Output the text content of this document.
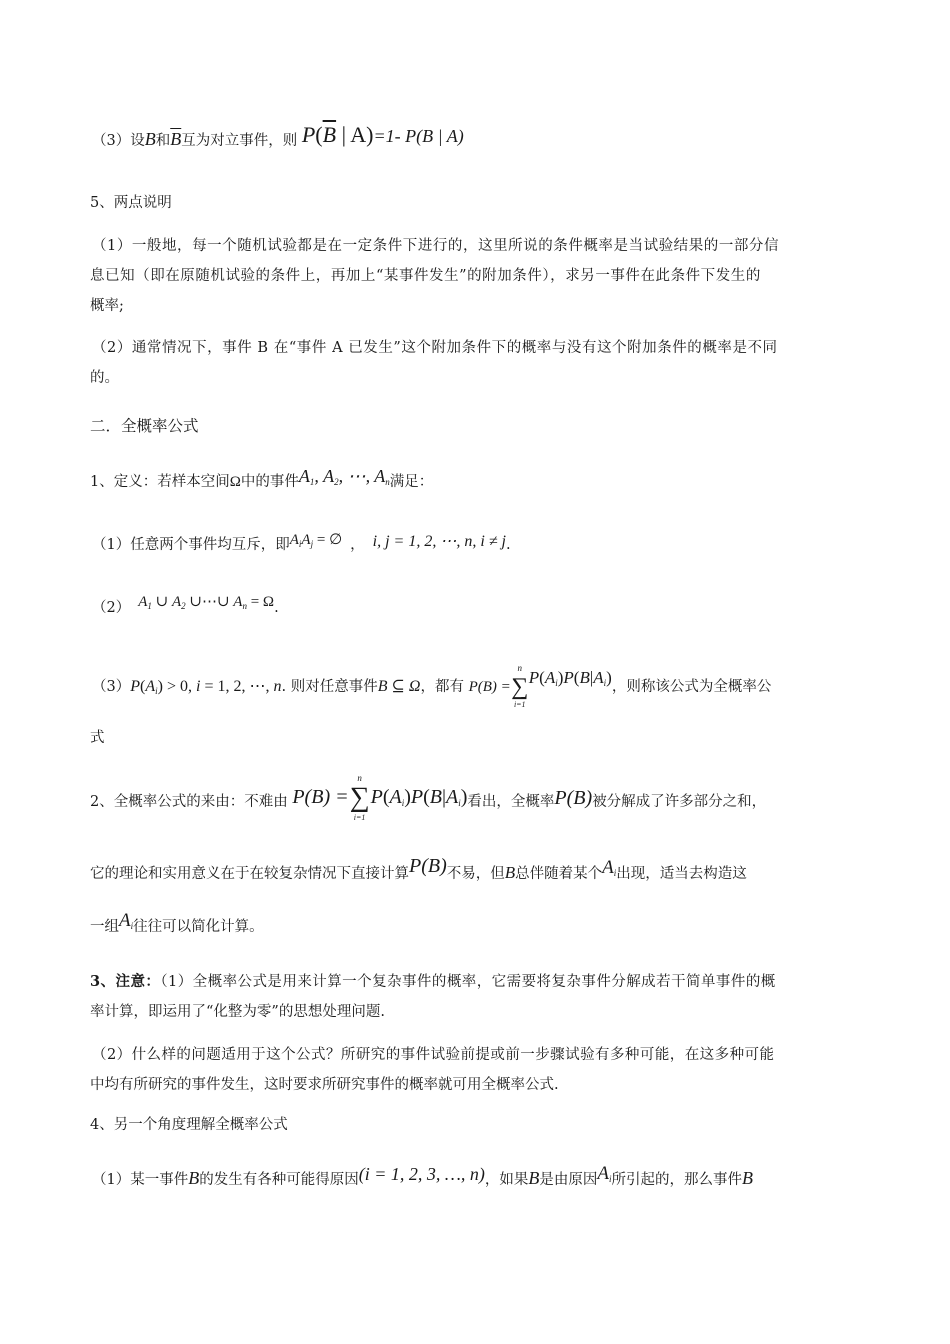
（3）设B和$\overline{B}$互为对立事件，则 $P(\overline{B}$ | A)=1- P(B | A)
5、两点说明
（1）一般地，每一个随机试验都是在一定条件下进行的，这里所说的条件概率是当试验结果的一部分信
息已知（即在原随机试验的条件上，再加上“某事件发生”的附加条件），求另一事件在此条件下发生的
概率;
（2）通常情况下，事件 B 在“事件 A 已发生”这个附加条件下的概率与没有这个附加条件的概率是不同
的。
二．全概率公式
1、定义：若样本空间Ω中的事件$A_1$, $A_2$, ⋯, $A_n$满足：
（1）任意两个事件均互斥，即$A_iA_j$ = ∅ ， i, j = 1, 2, ⋯, n, i ≠ j.
（2） $A_1$ ∪ $A_2$ ∪⋯∪ $A_n = \Omega$.
$(3)P(A_i) > 0$, i = 1, 2, ⋯, n. 则对任意事件B ⊆ Ω，都有 P(B) =∑
n
i=1
$P(A_i)P(B|A_i)$，则称该公式为全概率公
式
2、全概率公式的来由：不难由 P(B) =∑
n
i=1
$P(A_i)P(B|A_i)$看出，全概率P(B)被分解成了许多部分之和，
它的理论和实用意义在于在较复杂情况下直接计算P(B)不易，但B总伴随着某个$A_i$出现，适当去构造这
一组$A_i$往往可以简化计算。
3、注意：（1）全概率公式是用来计算一个复杂事件的概率，它需要将复杂事件分解成若干简单事件的概
率计算，即运用了“化整为零”的思想处理问题.
（2）什么样的问题适用于这个公式？所研究的事件试验前提或前一步骤试验有多种可能，在这多种可能
中均有所研究的事件发生，这时要求所研究事件的概率就可用全概率公式.
4、另一个角度理解全概率公式
（1）某一事件B的发生有各种可能得原因(i = 1, 2, 3, …, n)，如果B是由原因$A_i$所引起的，那么事件B
